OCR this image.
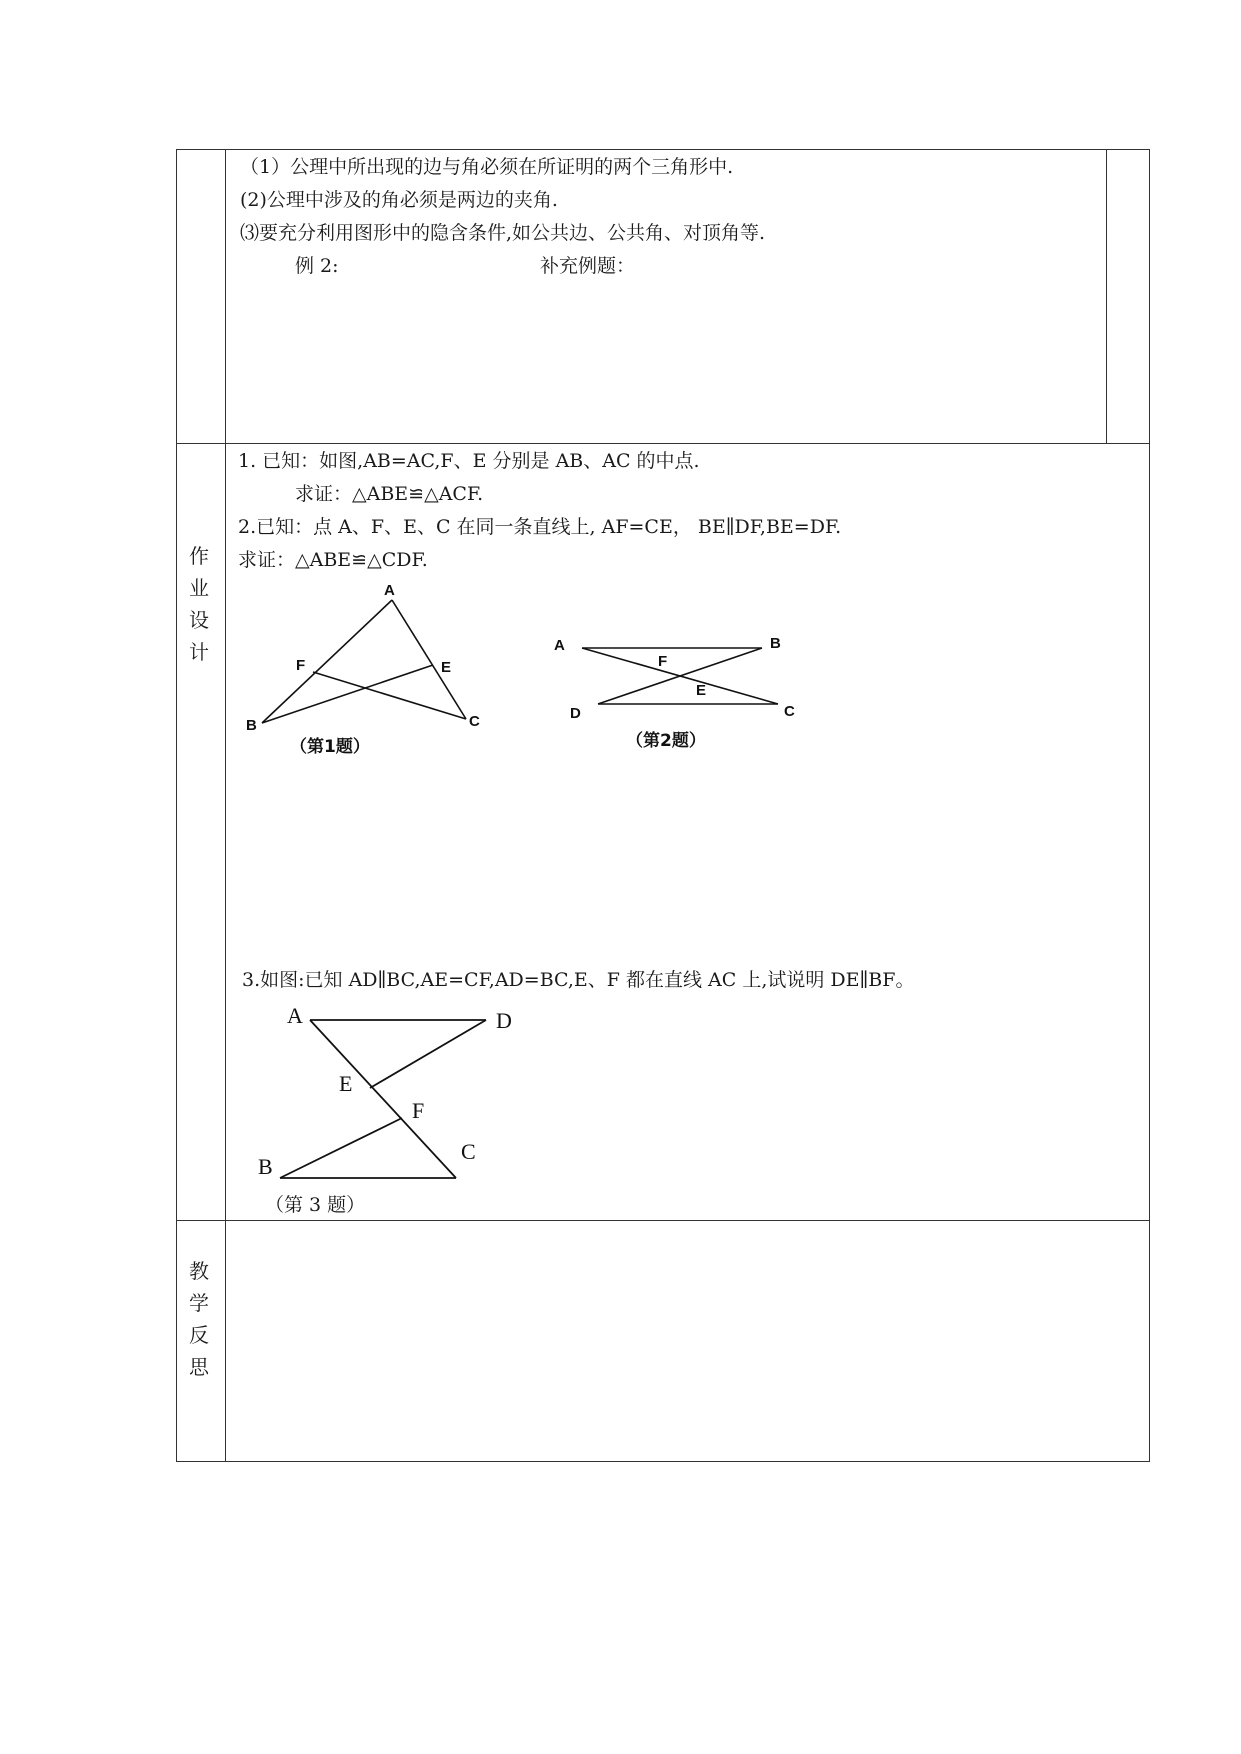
（1）公理中所出现的边与角必须在所证明的两个三角形中.
(2)公理中涉及的角必须是两边的夹角.
⑶要充分利用图形中的隐含条件,如公共边、公共角、对顶角等.
例 2:	补充例题：
作
业
设
计
1. 已知：如图,AB=AC,F、E 分别是 AB、AC 的中点.
求证：△ABE≌△ACF.
2.已知：点 A、F、E、C 在同一条直线上, AF=CE， BE∥DF,BE=DF.
求证：△ABE≌△CDF.
A
B	C
E
F
（第1题）
A	B
C
D
E
F
（第2题）
3.如图:已知 AD∥BC,AE=CF,AD=BC,E、F 都在直线 AC 上,试说明 DE∥BF。
A	D
E
F
B
C
（第 3 题）
教
学
反
思
